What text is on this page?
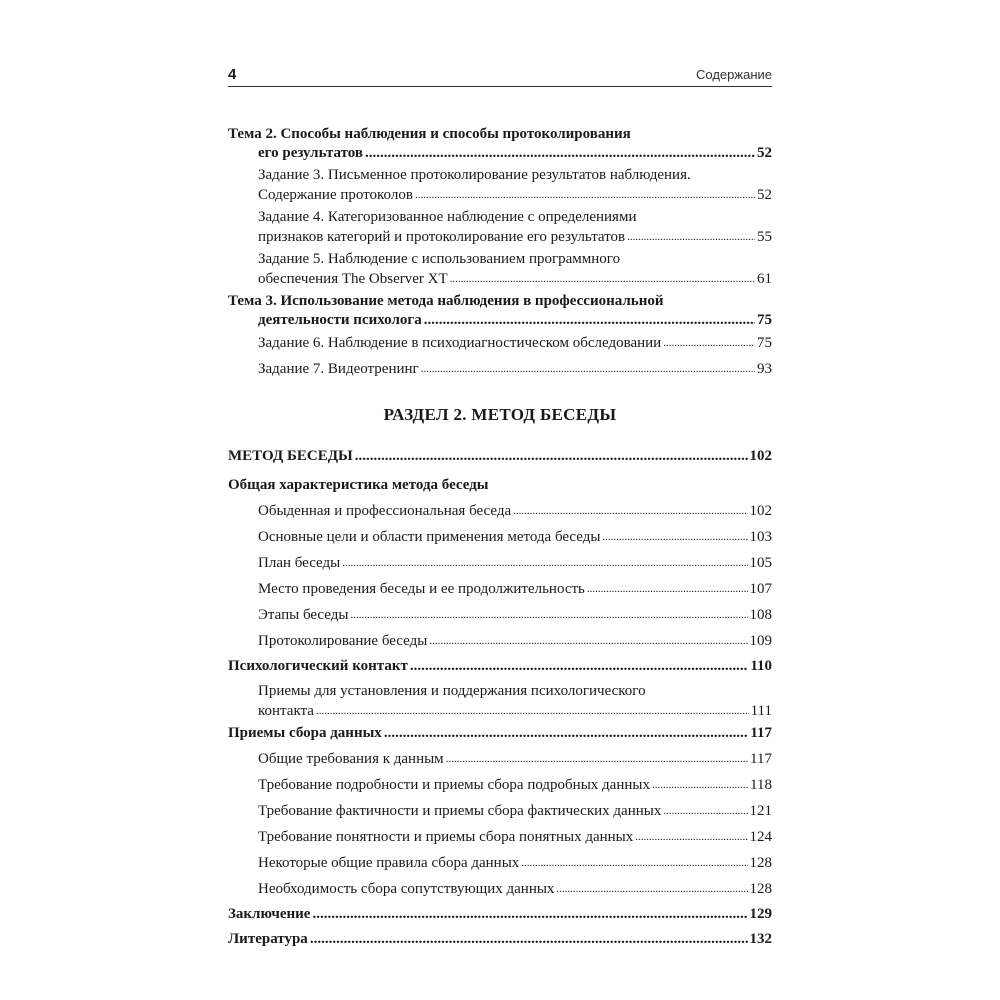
4	Содержание
Тема 2. Способы наблюдения и способы протоколирования
его результатов .....	52
Задание 3. Письменное протоколирование результатов наблюдения.
Содержание протоколов .....	52
Задание 4. Категоризованное наблюдение с определениями
признаков категорий и протоколирование его результатов .....	55
Задание 5. Наблюдение с использованием программного
обеспечения The Observer XT .....	61
Тема 3. Использование метода наблюдения в профессиональной
деятельности психолога .....	75
Задание 6. Наблюдение в психодиагностическом обследовании .....	75
Задание 7. Видеотренинг .....	93
РАЗДЕЛ 2. МЕТОД БЕСЕДЫ
МЕТОД БЕСЕДЫ .....	102
Общая характеристика метода беседы
Обыденная и профессиональная беседа .....	102
Основные цели и области применения метода беседы .....	103
План беседы .....	105
Место проведения беседы и ее продолжительность .....	107
Этапы беседы .....	108
Протоколирование беседы .....	109
Психологический контакт .....	110
Приемы для установления и поддержания психологического
контакта .....	111
Приемы сбора данных .....	117
Общие требования к данным .....	117
Требование подробности и приемы сбора подробных данных .....	118
Требование фактичности и приемы сбора фактических данных .....	121
Требование понятности и приемы сбора понятных данных .....	124
Некоторые общие правила сбора данных .....	128
Необходимость сбора сопутствующих данных .....	128
Заключение .....	129
Литература .....	132
